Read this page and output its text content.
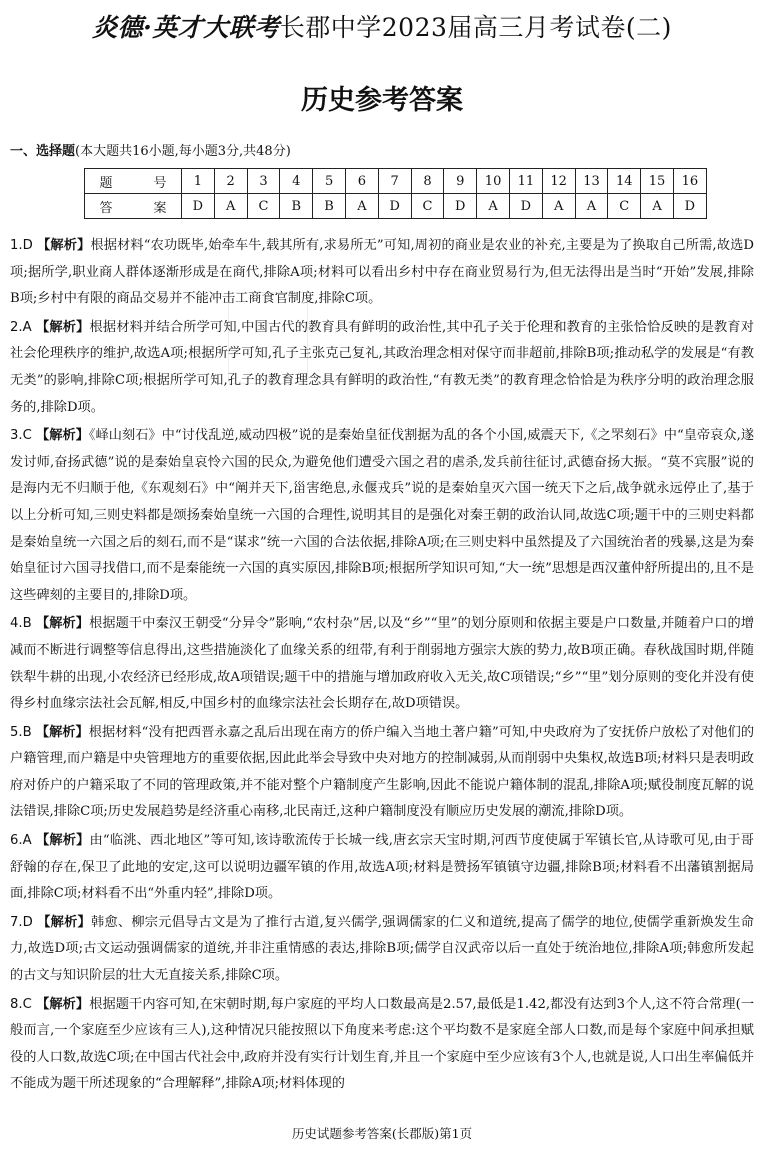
炎德·英才大联考长郡中学2023届高三月考试卷(二)
历史参考答案

一、选择题(本大题共16小题,每小题3分,共48分)
题　号	1	2	3	4	5	6	7	8	9	10	11	12	13	14	15	16
答　案	D	A	C	B	B	A	D	C	D	A	D	A	A	C	A	D

1.D 【解析】根据材料“农功既毕,始牵车牛,载其所有,求易所无”可知,周初的商业是农业的补充,主要是为了换取自己所需,故选D项;据所学,职业商人群体逐渐形成是在商代,排除A项;材料可以看出乡村中存在商业贸易行为,但无法得出是当时“开始”发展,排除B项;乡村中有限的商品交易并不能冲击工商食官制度,排除C项。

2.A 【解析】根据材料并结合所学可知,中国古代的教育具有鲜明的政治性,其中孔子关于伦理和教育的主张恰恰反映的是教育对社会伦理秩序的维护,故选A项;根据所学可知,孔子主张克己复礼,其政治理念相对保守而非超前,排除B项;推动私学的发展是“有教无类”的影响,排除C项;根据所学可知,孔子的教育理念具有鲜明的政治性,“有教无类”的教育理念恰恰是为秩序分明的政治理念服务的,排除D项。

3.C 【解析】《峄山刻石》中“讨伐乱逆,威动四极”说的是秦始皇征伐割据为乱的各个小国,威震天下,《之罘刻石》中“皇帝哀众,遂发讨师,奋扬武德”说的是秦始皇哀怜六国的民众,为避免他们遭受六国之君的虐杀,发兵前往征讨,武德奋扬大振。“莫不宾服”说的是海内无不归顺于他,《东观刻石》中“阐并天下,甾害绝息,永偃戎兵”说的是秦始皇灭六国一统天下之后,战争就永远停止了,基于以上分析可知,三则史料都是颂扬秦始皇统一六国的合理性,说明其目的是强化对秦王朝的政治认同,故选C项;题干中的三则史料都是秦始皇统一六国之后的刻石,而不是“谋求”统一六国的合法依据,排除A项;在三则史料中虽然提及了六国统治者的残暴,这是为秦始皇征讨六国寻找借口,而不是秦能统一六国的真实原因,排除B项;根据所学知识可知,“大一统”思想是西汉董仲舒所提出的,且不是这些碑刻的主要目的,排除D项。

4.B 【解析】根据题干中秦汉王朝受“分异令”影响,“农村杂”居,以及“乡”“里”的划分原则和依据主要是户口数量,并随着户口的增减而不断进行调整等信息得出,这些措施淡化了血缘关系的纽带,有利于削弱地方强宗大族的势力,故B项正确。春秋战国时期,伴随铁犁牛耕的出现,小农经济已经形成,故A项错误;题干中的措施与增加政府收入无关,故C项错误;“乡”“里”划分原则的变化并没有使得乡村血缘宗法社会瓦解,相反,中国乡村的血缘宗法社会长期存在,故D项错误。

5.B 【解析】根据材料“没有把西晋永嘉之乱后出现在南方的侨户编入当地土著户籍”可知,中央政府为了安抚侨户放松了对他们的户籍管理,而户籍是中央管理地方的重要依据,因此此举会导致中央对地方的控制减弱,从而削弱中央集权,故选B项;材料只是表明政府对侨户的户籍采取了不同的管理政策,并不能对整个户籍制度产生影响,因此不能说户籍体制的混乱,排除A项;赋役制度瓦解的说法错误,排除C项;历史发展趋势是经济重心南移,北民南迁,这种户籍制度没有顺应历史发展的潮流,排除D项。

6.A 【解析】由“临洮、西北地区”等可知,该诗歌流传于长城一线,唐玄宗天宝时期,河西节度使属于军镇长官,从诗歌可见,由于哥舒翰的存在,保卫了此地的安定,这可以说明边疆军镇的作用,故选A项;材料是赞扬军镇镇守边疆,排除B项;材料看不出藩镇割据局面,排除C项;材料看不出“外重内轻”,排除D项。

7.D 【解析】韩愈、柳宗元倡导古文是为了推行古道,复兴儒学,强调儒家的仁义和道统,提高了儒学的地位,使儒学重新焕发生命力,故选D项;古文运动强调儒家的道统,并非注重情感的表达,排除B项;儒学自汉武帝以后一直处于统治地位,排除A项;韩愈所发起的古文与知识阶层的壮大无直接关系,排除C项。

8.C 【解析】根据题干内容可知,在宋朝时期,每户家庭的平均人口数最高是2.57,最低是1.42,都没有达到3个人,这不符合常理(一般而言,一个家庭至少应该有三人),这种情况只能按照以下角度来考虑:这个平均数不是家庭全部人口数,而是每个家庭中间承担赋役的人口数,故选C项;在中国古代社会中,政府并没有实行计划生育,并且一个家庭中至少应该有3个人,也就是说,人口出生率偏低并不能成为题干所述现象的“合理解释”,排除A项;材料体现的

历史试题参考答案(长郡版)第1页
